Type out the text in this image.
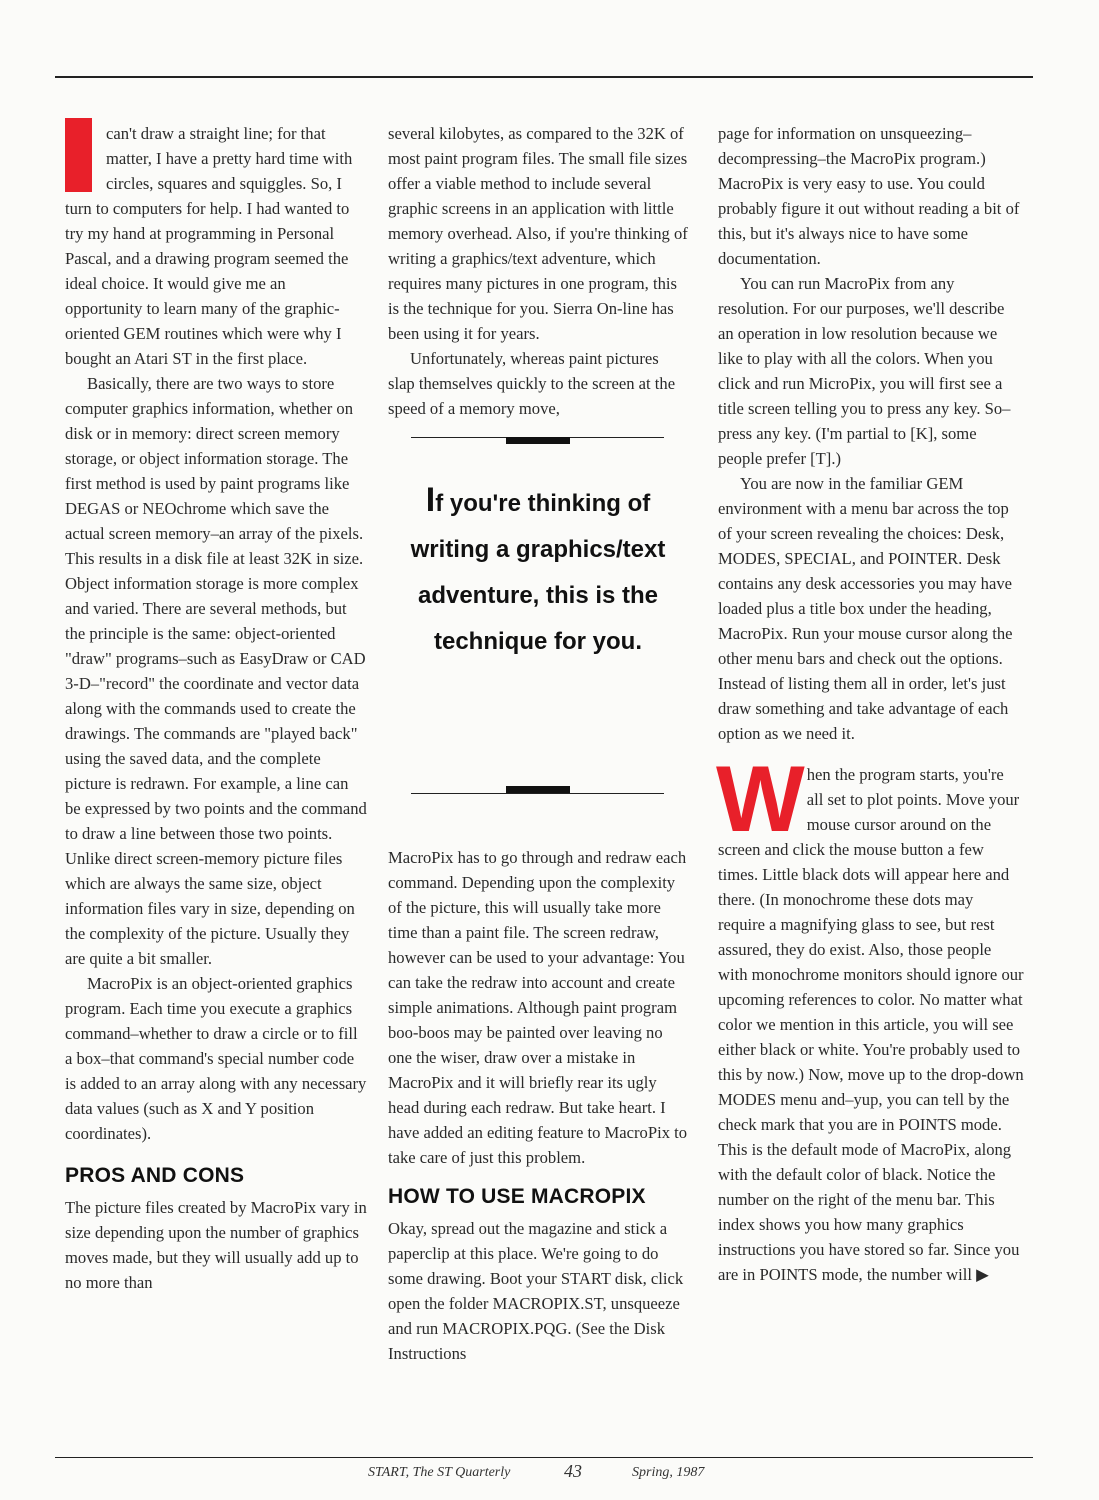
can't draw a straight line; for that matter, I have a pretty hard time with circles, squares and squiggles. So, I turn to computers for help. I had wanted to try my hand at programming in Personal Pascal, and a drawing program seemed the ideal choice. It would give me an opportunity to learn many of the graphic-oriented GEM routines which were why I bought an Atari ST in the first place.

Basically, there are two ways to store computer graphics information, whether on disk or in memory: direct screen memory storage, or object information storage. The first method is used by paint programs like DEGAS or NEOchrome which save the actual screen memory–an array of the pixels. This results in a disk file at least 32K in size. Object information storage is more complex and varied. There are several methods, but the principle is the same: object-oriented "draw" programs–such as EasyDraw or CAD 3-D–"record" the coordinate and vector data along with the commands used to create the drawings. The commands are "played back" using the saved data, and the complete picture is redrawn. For example, a line can be expressed by two points and the command to draw a line between those two points. Unlike direct screen-memory picture files which are always the same size, object information files vary in size, depending on the complexity of the picture. Usually they are quite a bit smaller.

MacroPix is an object-oriented graphics program. Each time you execute a graphics command–whether to draw a circle or to fill a box–that command's special number code is added to an array along with any necessary data values (such as X and Y position coordinates).

PROS AND CONS

The picture files created by MacroPix vary in size depending upon the number of graphics moves made, but they will usually add up to no more than

several kilobytes, as compared to the 32K of most paint program files. The small file sizes offer a viable method to include several graphic screens in an application with little memory overhead. Also, if you're thinking of writing a graphics/text adventure, which requires many pictures in one program, this is the technique for you. Sierra On-line has been using it for years.

Unfortunately, whereas paint pictures slap themselves quickly to the screen at the speed of a memory move,

If you're thinking of writing a graphics/text adventure, this is the technique for you.

MacroPix has to go through and redraw each command. Depending upon the complexity of the picture, this will usually take more time than a paint file. The screen redraw, however can be used to your advantage: You can take the redraw into account and create simple animations. Although paint program boo-boos may be painted over leaving no one the wiser, draw over a mistake in MacroPix and it will briefly rear its ugly head during each redraw. But take heart. I have added an editing feature to MacroPix to take care of just this problem.

HOW TO USE MACROPIX

Okay, spread out the magazine and stick a paperclip at this place. We're going to do some drawing. Boot your START disk, click open the folder MACROPIX.ST, unsqueeze and run MACROPIX.PQG. (See the Disk Instructions

page for information on unsqueezing–decompressing–the MacroPix program.) MacroPix is very easy to use. You could probably figure it out without reading a bit of this, but it's always nice to have some documentation.

You can run MacroPix from any resolution. For our purposes, we'll describe an operation in low resolution because we like to play with all the colors. When you click and run MicroPix, you will first see a title screen telling you to press any key. So–press any key. (I'm partial to [K], some people prefer [T].)

You are now in the familiar GEM environment with a menu bar across the top of your screen revealing the choices: Desk, MODES, SPECIAL, and POINTER. Desk contains any desk accessories you may have loaded plus a title box under the heading, MacroPix. Run your mouse cursor along the other menu bars and check out the options. Instead of listing them all in order, let's just draw something and take advantage of each option as we need it.

When the program starts, you're all set to plot points. Move your mouse cursor around on the screen and click the mouse button a few times. Little black dots will appear here and there. (In monochrome these dots may require a magnifying glass to see, but rest assured, they do exist. Also, those people with monochrome monitors should ignore our upcoming references to color. No matter what color we mention in this article, you will see either black or white. You're probably used to this by now.) Now, move up to the drop-down MODES menu and–yup, you can tell by the check mark that you are in POINTS mode. This is the default mode of MacroPix, along with the default color of black. Notice the number on the right of the menu bar. This index shows you how many graphics instructions you have stored so far. Since you are in POINTS mode, the number will ▶

START, The ST Quarterly	43	Spring, 1987
